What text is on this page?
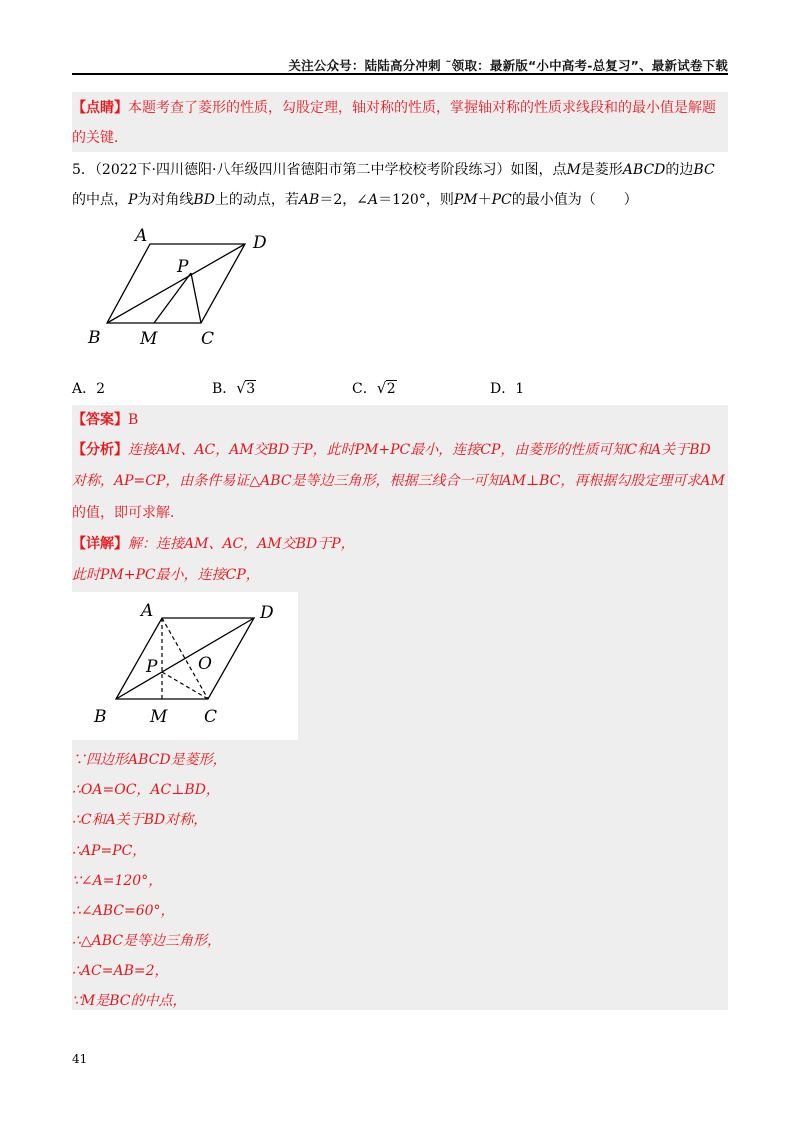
关注公众号：陆陆高分冲刺 ˜领取：最新版“小中高考-总复习”、最新试卷下载
【点睛】本题考查了菱形的性质，勾股定理，轴对称的性质，掌握轴对称的性质求线段和的最小值是解题
的关键．
5．（2022下·四川德阳·八年级四川省德阳市第二中学校校考阶段练习）如图，点M是菱形ABCD的边BC
的中点，P为对角线BD上的动点，若AB＝2，∠A＝120°，则PM＋PC的最小值为（　　）
A	D
P
B M	C
A．2	B． √ 3	C． √ 2	D．1
【答案】B
【分析】连接AM、AC，AM交BD于P，此时PM+PC最小，连接CP，由菱形的性质可知C和A关于BD
对称，AP=CP，由条件易证△ABC是等边三角形，根据三线合一可知AM⊥BC，再根据勾股定理可求AM
的值，即可求解．
【详解】解：连接AM、AC，AM交BD于P，
此时PM+PC最小，连接CP，
A	D
P O
B	M C
∵四边形ABCD是菱形，
∴OA=OC，AC⊥BD，
∴C和A关于BD对称，
∴AP=PC，
∵∠A=120°，
∴∠ABC=60°，
∴△ABC是等边三角形，
∴AC=AB=2，
∵M是BC的中点，
41
